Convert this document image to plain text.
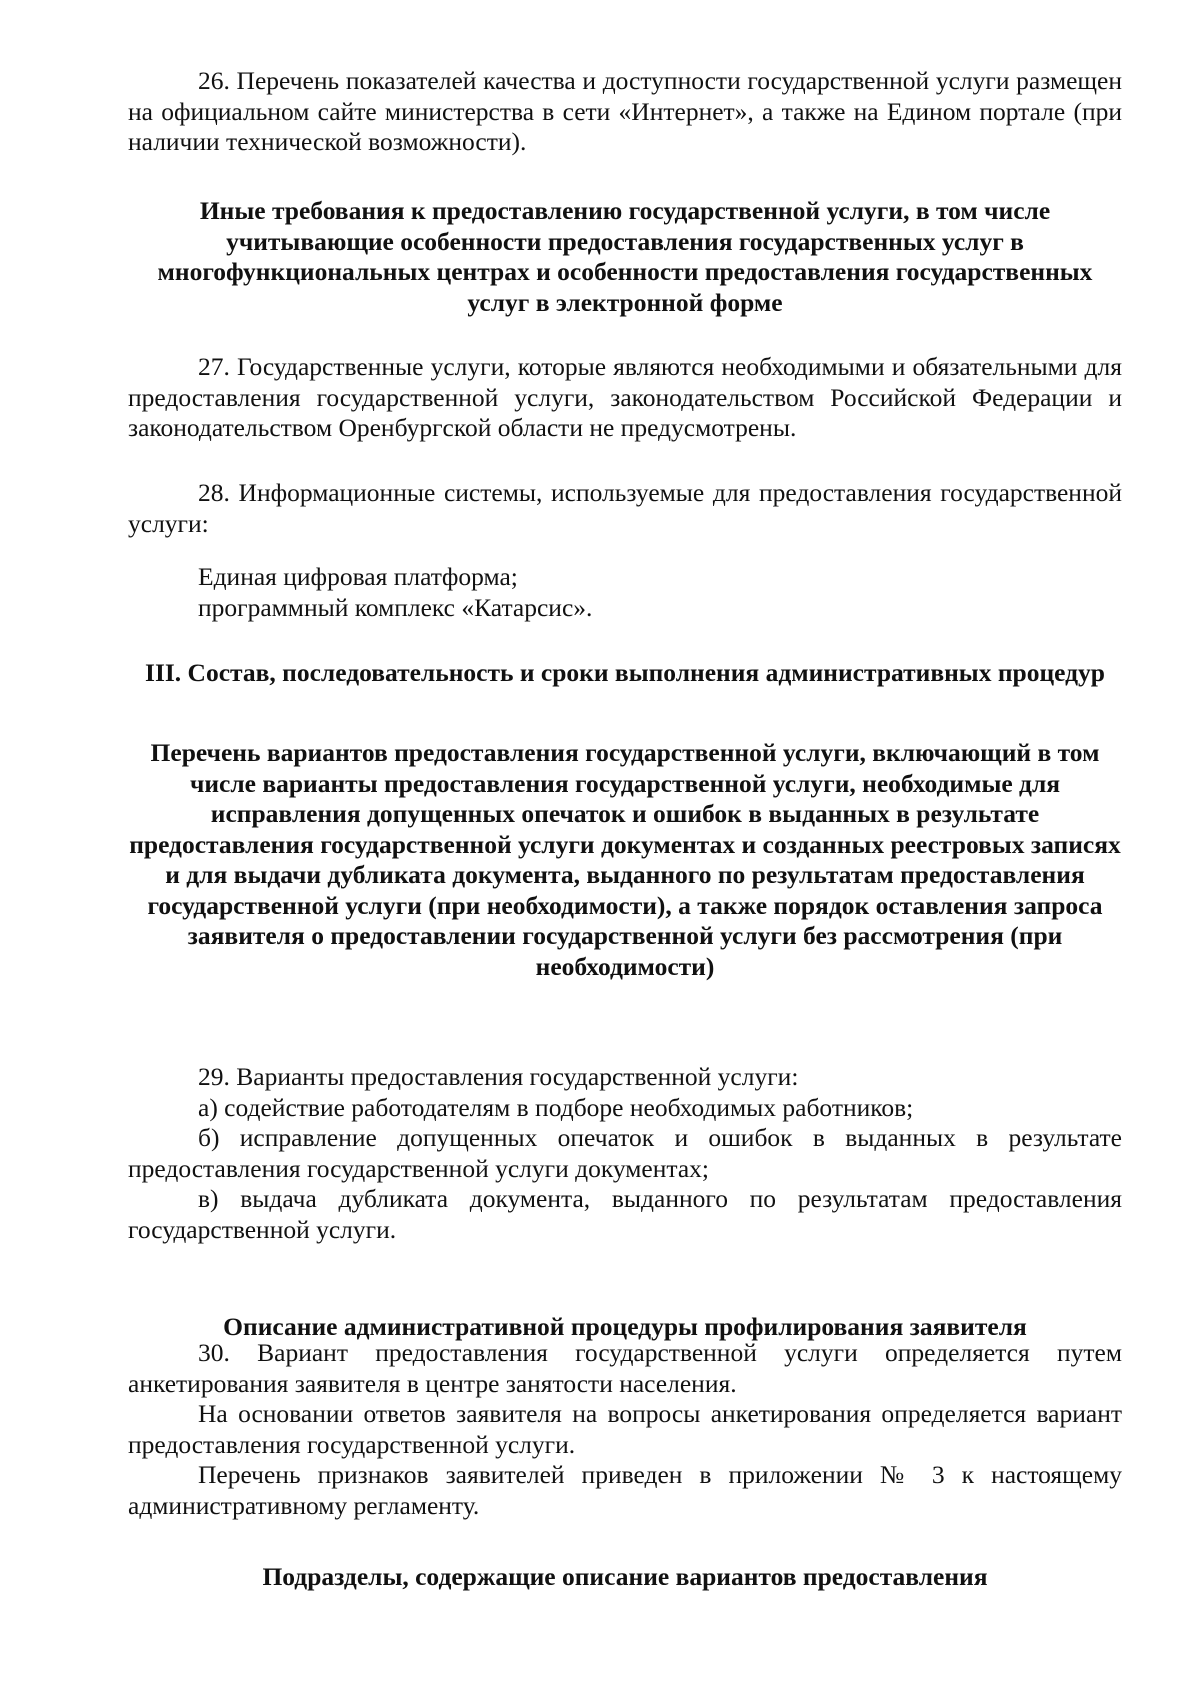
26. Перечень показателей качества и доступности государственной услуги размещен на официальном сайте министерства в сети «Интернет», а также на Едином портале (при наличии технической возможности).

Иные требования к предоставлению государственной услуги, в том числе учитывающие особенности предоставления государственных услуг в многофункциональных центрах и особенности предоставления государственных услуг в электронной форме

27. Государственные услуги, которые являются необходимыми и обязательными для предоставления государственной услуги, законодательством Российской Федерации и законодательством Оренбургской области не предусмотрены.

28. Информационные системы, используемые для предоставления государственной услуги:

Единая цифровая платформа;

программный комплекс «Катарсис».

III. Состав, последовательность и сроки выполнения административных процедур
Перечень вариантов предоставления государственной услуги, включающий в том числе варианты предоставления государственной услуги, необходимые для исправления допущенных опечаток и ошибок в выданных в результате предоставления государственной услуги документах и созданных реестровых записях и для выдачи дубликата документа, выданного по результатам предоставления государственной услуги (при необходимости), а также порядок оставления запроса заявителя о предоставлении государственной услуги без рассмотрения (при необходимости)

29. Варианты предоставления государственной услуги:

а) содействие работодателям в подборе необходимых работников;

б) исправление допущенных опечаток и ошибок в выданных в результате предоставления государственной услуги документах;

в) выдача дубликата документа, выданного по результатам предоставления государственной услуги.

Описание административной процедуры профилирования заявителя

30. Вариант предоставления государственной услуги определяется путем анкетирования заявителя в центре занятости населения.

На основании ответов заявителя на вопросы анкетирования определяется вариант предоставления государственной услуги.

Перечень признаков заявителей приведен в приложении № 3 к настоящему административному регламенту.

Подразделы, содержащие описание вариантов предоставления
